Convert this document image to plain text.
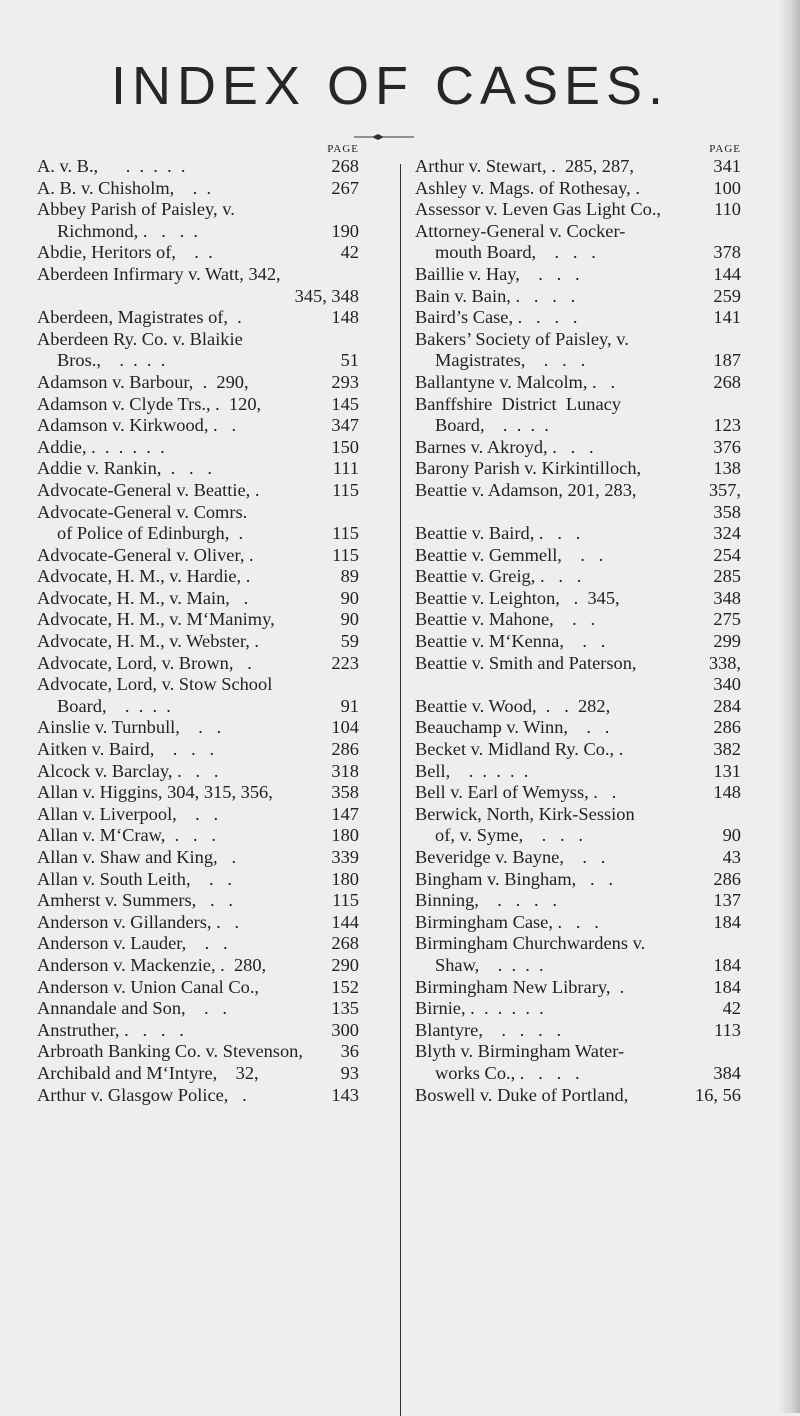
INDEX OF CASES.
PAGE
A. v. B.,      .  .  .  .  .	268
A. B. v. Chisholm,    .  .	267
Abbey Parish of Paisley, v.
Richmond, .   .   .  .	190
Abdie, Heritors of,    .  .	42
Aberdeen Infirmary v. Watt, 342,
345, 348
Aberdeen, Magistrates of,  .	148
Aberdeen Ry. Co. v. Blaikie
Bros.,    .  .  .  .	51
Adamson v. Barbour,  .  290,	293
Adamson v. Clyde Trs., .  120,	145
Adamson v. Kirkwood, .   .	347
Addie, .  .  .  .  .  .	150
Addie v. Rankin,  .   .   .	111
Advocate-General v. Beattie, .	115
Advocate-General v. Comrs.
of Police of Edinburgh,  .	115
Advocate-General v. Oliver, .	115
Advocate, H. M., v. Hardie, .	89
Advocate, H. M., v. Main,   .	90
Advocate, H. M., v. M‘Manimy,	90
Advocate, H. M., v. Webster, .	59
Advocate, Lord, v. Brown,   .	223
Advocate, Lord, v. Stow School
Board,    .  .  .  .	91
Ainslie v. Turnbull,    .   .	104
Aitken v. Baird,    .   .   .	286
Alcock v. Barclay, .   .   .	318
Allan v. Higgins, 304, 315, 356,	358
Allan v. Liverpool,    .   .	147
Allan v. M‘Craw,  .   .   .	180
Allan v. Shaw and King,   .	339
Allan v. South Leith,    .   .	180
Amherst v. Summers,   .   .	115
Anderson v. Gillanders, .   .	144
Anderson v. Lauder,    .   .	268
Anderson v. Mackenzie, .  280,	290
Anderson v. Union Canal Co.,	152
Annandale and Son,    .   .	135
Anstruther, .   .   .   .	300
Arbroath Banking Co. v. Stevenson, 36
Archibald and M‘Intyre,    32,	93
Arthur v. Glasgow Police,   .	143
PAGE
Arthur v. Stewart, .  285, 287,	341
Ashley v. Mags. of Rothesay, .	100
Assessor v. Leven Gas Light Co.,	110
Attorney-General v. Cocker-
mouth Board,    .   .   .	378
Baillie v. Hay,    .   .   .	144
Bain v. Bain, .   .   .   .	259
Baird’s Case, .   .   .   .	141
Bakers’ Society of Paisley, v.
Magistrates,    .   .   .	187
Ballantyne v. Malcolm, .   .	268
Banffshire  District  Lunacy
Board,    .  .  .  .	123
Barnes v. Akroyd, .   .   .	376
Barony Parish v. Kirkintilloch,	138
Beattie v. Adamson, 201, 283,	357,
358
Beattie v. Baird, .   .   .	324
Beattie v. Gemmell,    .   .	254
Beattie v. Greig, .   .   .	285
Beattie v. Leighton,   .  345,	348
Beattie v. Mahone,    .   .	275
Beattie v. M‘Kenna,    .   .	299
Beattie v. Smith and Paterson,	338,
340
Beattie v. Wood,  .   .  282,	284
Beauchamp v. Winn,    .   .	286
Becket v. Midland Ry. Co., .	382
Bell,    .  .  .  .  .	131
Bell v. Earl of Wemyss, .   .	148
Berwick, North, Kirk-Session
of, v. Syme,    .   .   .	90
Beveridge v. Bayne,    .   .	43
Bingham v. Bingham,   .   .	286
Binning,    .   .   .   .	137
Birmingham Case, .   .   .	184
Birmingham Churchwardens v.
Shaw,    .  .  .  .	184
Birmingham New Library,  .	184
Birnie, .  .  .  .  .  .	42
Blantyre,    .   .   .   .	113
Blyth v. Birmingham Water-
works Co., .   .   .   .	384
Boswell v. Duke of Portland,	16, 56
